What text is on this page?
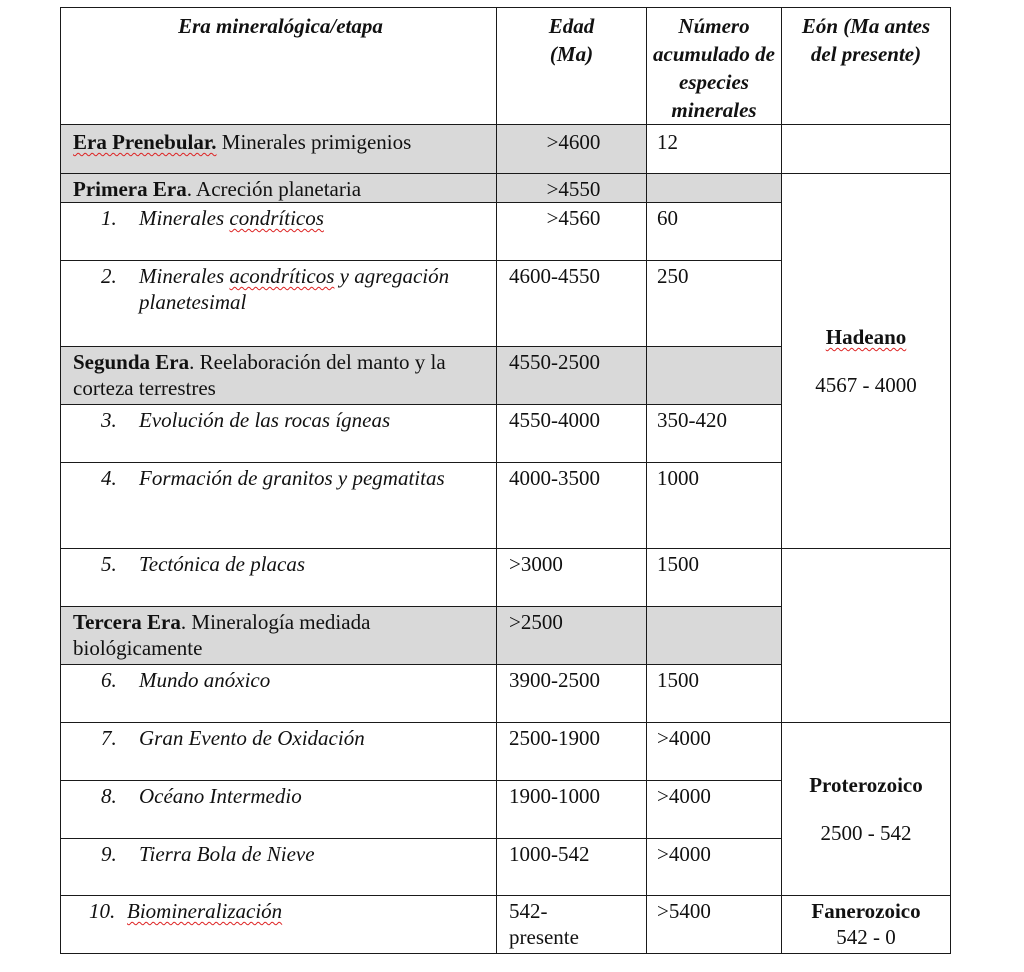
Era mineralógica/etapa	Edad (Ma)	Número acumulado de especies minerales	Eón (Ma antes del presente)	
Era Prenebular. Minerales primigenios	>4600	12		
Primera Era. Acreción planetaria	>4550		Hadeano
4567 - 4000	

1. Minerales condríticos	>4560	60		

2. Minerales acondríticos y agregación planetesimal	4600-4550	250		
Segunda Era. Reelaboración del manto y la corteza terrestres	4550-2500			

3. Evolución de las rocas ígneas	4550-4000	350-420		

4. Formación de granitos y pegmatitas	4000-3500	1000	

5. Tectónica de placas	>3000	1500		
Tercera Era. Mineralogía mediada biológicamente	>2500			

6. Mundo anóxico	3900-2500	1500		

7. Gran Evento de Oxidación	2500-1900	>4000	Proterozoico
2500 - 542	

8. Océano Intermedio	1900-1000	>4000		

9. Tierra Bola de Nieve	1000-542	>4000		

10. Biomineralización	542-presente	>5400	Fanerozoico
542 - 0	
